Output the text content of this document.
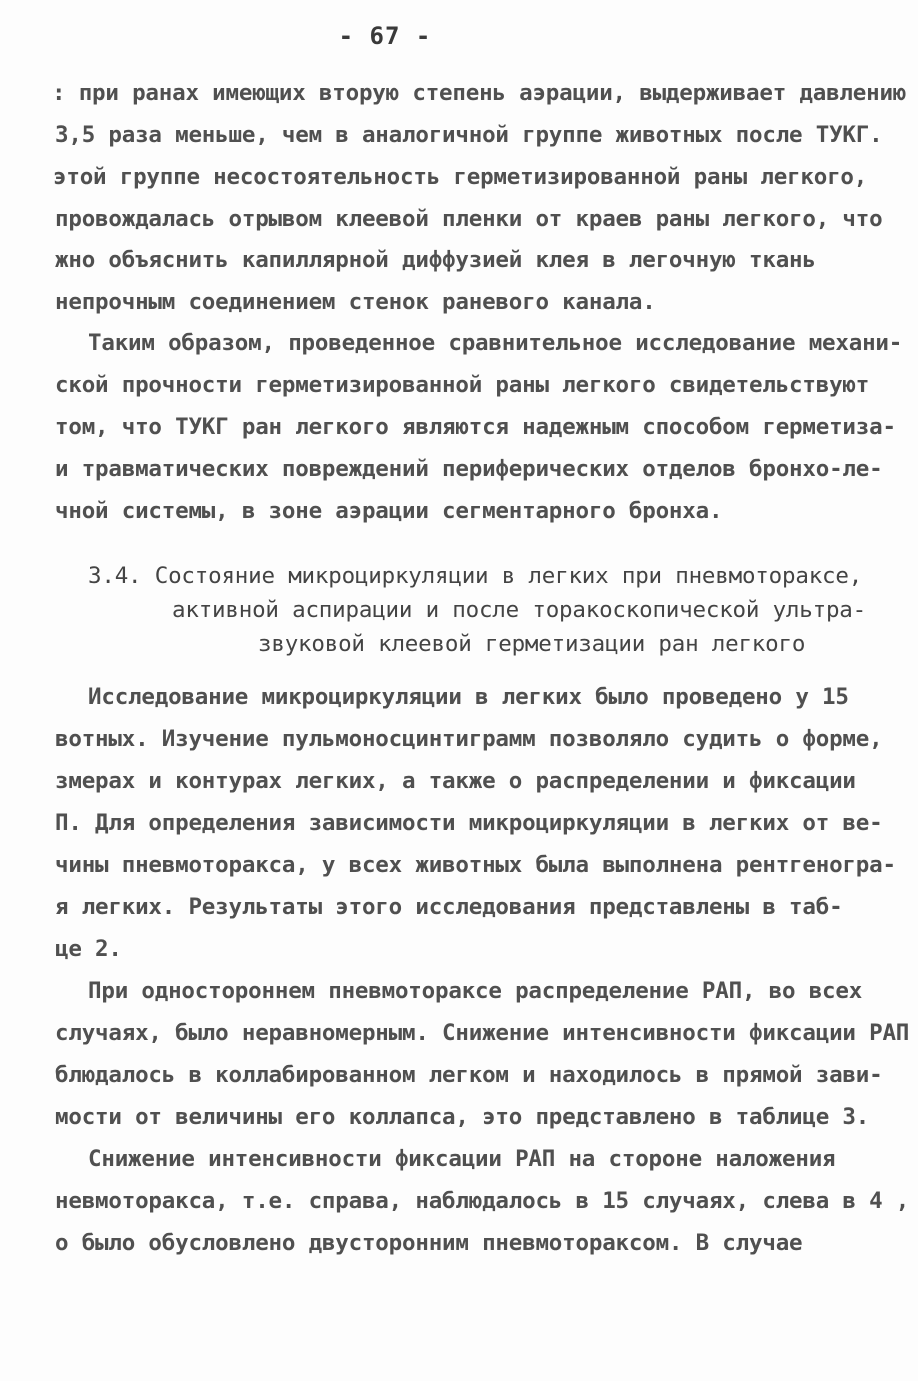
- 67 -
: при ранах имеющих вторую степень аэрации, выдерживает давлению
3,5 раза меньше, чем в аналогичной группе животных после ТУКГ.
этой группе несостоятельность герметизированной раны легкого,
провождалась отрывом клеевой пленки от краев раны легкого, что
жно объяснить капиллярной диффузией клея в легочную ткань
непрочным соединением стенок раневого канала.
Таким образом, проведенное сравнительное исследование механи-
ской прочности герметизированной раны легкого свидетельствуют
том, что ТУКГ ран легкого являются надежным способом герметиза-
и травматических повреждений периферических отделов бронхо-ле-
чной системы, в зоне аэрации сегментарного бронха.
3.4. Состояние микроциркуляции в легких при пневмотораксе,
активной аспирации и после торакоскопической ультра-
звуковой клеевой герметизации ран легкого
Исследование микроциркуляции в легких было проведено у 15
вотных. Изучение пульмоносцинтиграмм позволяло судить о форме,
змерах и контурах легких, а также о распределении и фиксации
П. Для определения зависимости микроциркуляции в легких от ве-
чины пневмоторакса, у всех животных была выполнена рентгеногра-
я легких. Результаты этого исследования представлены в таб-
це 2.
При одностороннем пневмотораксе распределение РАП, во всех
случаях, было неравномерным. Снижение интенсивности фиксации РАП
блюдалось в коллабированном легком и находилось в прямой зави-
мости от величины его коллапса, это представлено в таблице 3.
Снижение интенсивности фиксации РАП на стороне наложения
невмоторакса, т.е. справа, наблюдалось в 15 случаях, слева в 4 ,
о было обусловлено двусторонним пневмотораксом. В случае
